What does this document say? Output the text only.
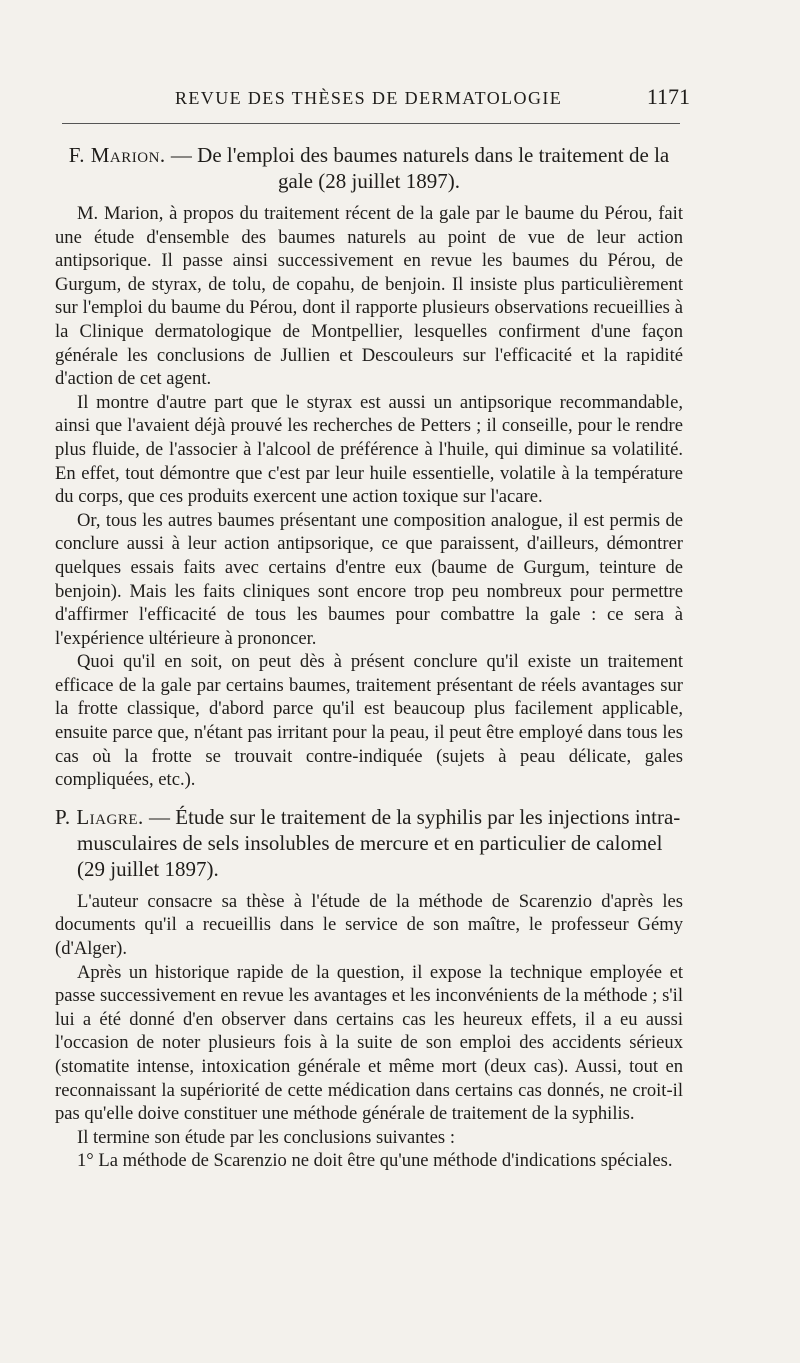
REVUE DES THÈSES DE DERMATOLOGIE	1171

F. Marion. — De l'emploi des baumes naturels dans le traitement de la gale (28 juillet 1897).

M. Marion, à propos du traitement récent de la gale par le baume du Pérou, fait une étude d'ensemble des baumes naturels au point de vue de leur action antipsorique. Il passe ainsi successivement en revue les baumes du Pérou, de Gurgum, de styrax, de tolu, de copahu, de benjoin. Il insiste plus particulièrement sur l'emploi du baume du Pérou, dont il rapporte plusieurs observations recueillies à la Clinique dermatologique de Montpellier, lesquelles confirment d'une façon générale les conclusions de Jullien et Descouleurs sur l'efficacité et la rapidité d'action de cet agent.

Il montre d'autre part que le styrax est aussi un antipsorique recommandable, ainsi que l'avaient déjà prouvé les recherches de Petters ; il conseille, pour le rendre plus fluide, de l'associer à l'alcool de préférence à l'huile, qui diminue sa volatilité. En effet, tout démontre que c'est par leur huile essentielle, volatile à la température du corps, que ces produits exercent une action toxique sur l'acare.

Or, tous les autres baumes présentant une composition analogue, il est permis de conclure aussi à leur action antipsorique, ce que paraissent, d'ailleurs, démontrer quelques essais faits avec certains d'entre eux (baume de Gurgum, teinture de benjoin). Mais les faits cliniques sont encore trop peu nombreux pour permettre d'affirmer l'efficacité de tous les baumes pour combattre la gale : ce sera à l'expérience ultérieure à prononcer.

Quoi qu'il en soit, on peut dès à présent conclure qu'il existe un traitement efficace de la gale par certains baumes, traitement présentant de réels avantages sur la frotte classique, d'abord parce qu'il est beaucoup plus facilement applicable, ensuite parce que, n'étant pas irritant pour la peau, il peut être employé dans tous les cas où la frotte se trouvait contre-indiquée (sujets à peau délicate, gales compliquées, etc.).

P. Liagre. — Étude sur le traitement de la syphilis par les injections intra-musculaires de sels insolubles de mercure et en particulier de calomel (29 juillet 1897).

L'auteur consacre sa thèse à l'étude de la méthode de Scarenzio d'après les documents qu'il a recueillis dans le service de son maître, le professeur Gémy (d'Alger).

Après un historique rapide de la question, il expose la technique employée et passe successivement en revue les avantages et les inconvénients de la méthode ; s'il lui a été donné d'en observer dans certains cas les heureux effets, il a eu aussi l'occasion de noter plusieurs fois à la suite de son emploi des accidents sérieux (stomatite intense, intoxication générale et même mort (deux cas). Aussi, tout en reconnaissant la supériorité de cette médication dans certains cas donnés, ne croit-il pas qu'elle doive constituer une méthode générale de traitement de la syphilis.

Il termine son étude par les conclusions suivantes :

1° La méthode de Scarenzio ne doit être qu'une méthode d'indications spéciales.
